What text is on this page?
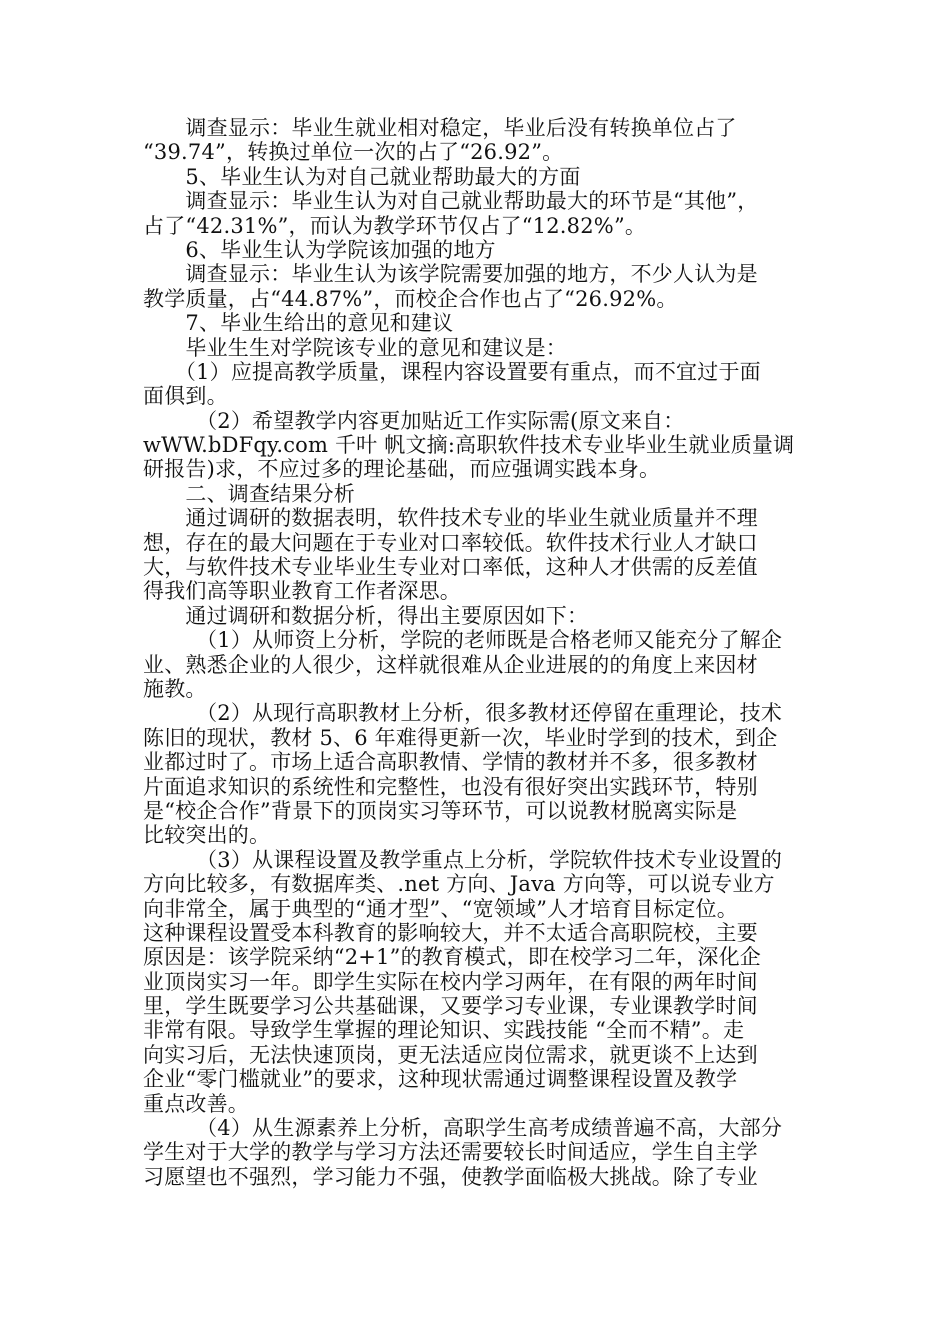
　　调查显示：毕业生就业相对稳定，毕业后没有转换单位占了
“39.74”，转换过单位一次的占了“26.92”。
　　5、毕业生认为对自己就业帮助最大的方面
　　调查显示：毕业生认为对自己就业帮助最大的环节是“其他”，
占了“42.31%”，而认为教学环节仅占了“12.82%”。
　　6、毕业生认为学院该加强的地方
　　调查显示：毕业生认为该学院需要加强的地方，不少人认为是
教学质量，占“44.87%”，而校企合作也占了“26.92%。
　　7、毕业生给出的意见和建议
　　毕业生生对学院该专业的意见和建议是：
　　（1）应提高教学质量，课程内容设置要有重点，而不宜过于面
面俱到。
　　　（2）希望教学内容更加贴近工作实际需(原文来自：
wWW.bDFqy.com 千叶 帆文摘:高职软件技术专业毕业生就业质量调
研报告)求，不应过多的理论基础，而应强调实践本身。
　　二、调查结果分析
　　通过调研的数据表明，软件技术专业的毕业生就业质量并不理
想，存在的最大问题在于专业对口率较低。软件技术行业人才缺口
大，与软件技术专业毕业生专业对口率低，这种人才供需的反差值
得我们高等职业教育工作者深思。
　　通过调研和数据分析，得出主要原因如下：
　　　（1）从师资上分析，学院的老师既是合格老师又能充分了解企
业、熟悉企业的人很少，这样就很难从企业进展的的角度上来因材
施教。
　　　（2）从现行高职教材上分析，很多教材还停留在重理论，技术
陈旧的现状，教材 5、6 年难得更新一次，毕业时学到的技术，到企
业都过时了。市场上适合高职教情、学情的教材并不多，很多教材
片面追求知识的系统性和完整性，也没有很好突出实践环节，特别
是“校企合作”背景下的顶岗实习等环节，可以说教材脱离实际是
比较突出的。
　　　（3）从课程设置及教学重点上分析，学院软件技术专业设置的
方向比较多，有数据库类、.net 方向、Java 方向等，可以说专业方
向非常全，属于典型的“通才型”、“宽领域”人才培育目标定位。
这种课程设置受本科教育的影响较大，并不太适合高职院校，主要
原因是：该学院采纳“2+1”的教育模式，即在校学习二年，深化企
业顶岗实习一年。即学生实际在校内学习两年，在有限的两年时间
里，学生既要学习公共基础课，又要学习专业课，专业课教学时间
非常有限。导致学生掌握的理论知识、实践技能 “全而不精”。走
向实习后，无法快速顶岗，更无法适应岗位需求，就更谈不上达到
企业“零门槛就业”的要求，这种现状需通过调整课程设置及教学
重点改善。
　　　（4）从生源素养上分析，高职学生高考成绩普遍不高，大部分
学生对于大学的教学与学习方法还需要较长时间适应，学生自主学
习愿望也不强烈，学习能力不强，使教学面临极大挑战。除了专业
